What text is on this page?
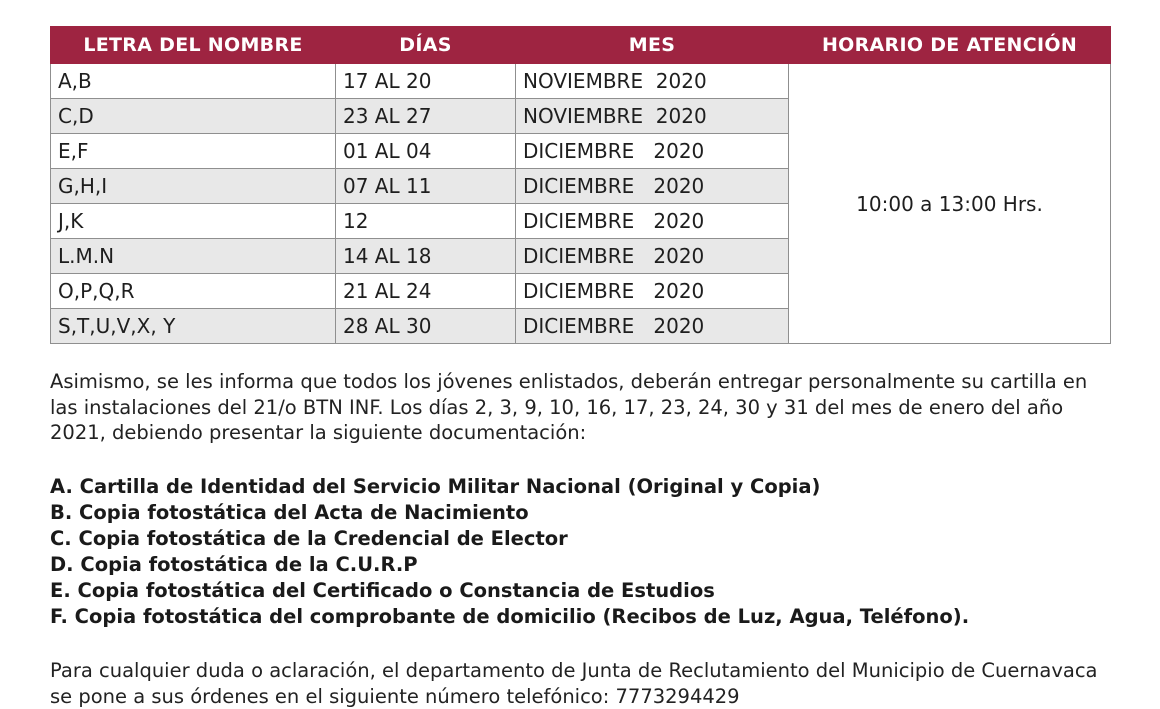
LETRA DEL NOMBRE	DÍAS	MES	HORARIO DE ATENCIÓN
A,B	17 AL 20	NOVIEMBRE  2020	10:00 a 13:00 Hrs.
C,D	23 AL 27	NOVIEMBRE  2020	
E,F	01 AL 04	DICIEMBRE   2020	
G,H,I	07 AL 11	DICIEMBRE   2020	
J,K	12	DICIEMBRE   2020	
L.M.N	14 AL 18	DICIEMBRE   2020	
O,P,Q,R	21 AL 24	DICIEMBRE   2020	
S,T,U,V,X, Y	28 AL 30	DICIEMBRE   2020	
Asimismo, se les informa que todos los jóvenes enlistados, deberán entregar personalmente su cartilla en las instalaciones del 21/o BTN INF. Los días 2, 3, 9, 10, 16, 17, 23, 24, 30 y 31 del mes de enero del año 2021, debiendo presentar la siguiente documentación:
A. Cartilla de Identidad del Servicio Militar Nacional (Original y Copia)
B. Copia fotostática del Acta de Nacimiento
C. Copia fotostática de la Credencial de Elector
D. Copia fotostática de la C.U.R.P
E. Copia fotostática del Certificado o Constancia de Estudios
F. Copia fotostática del comprobante de domicilio (Recibos de Luz, Agua, Teléfono).
Para cualquier duda o aclaración, el departamento de Junta de Reclutamiento del Municipio de Cuernavaca se pone a sus órdenes en el siguiente número telefónico: 7773294429
